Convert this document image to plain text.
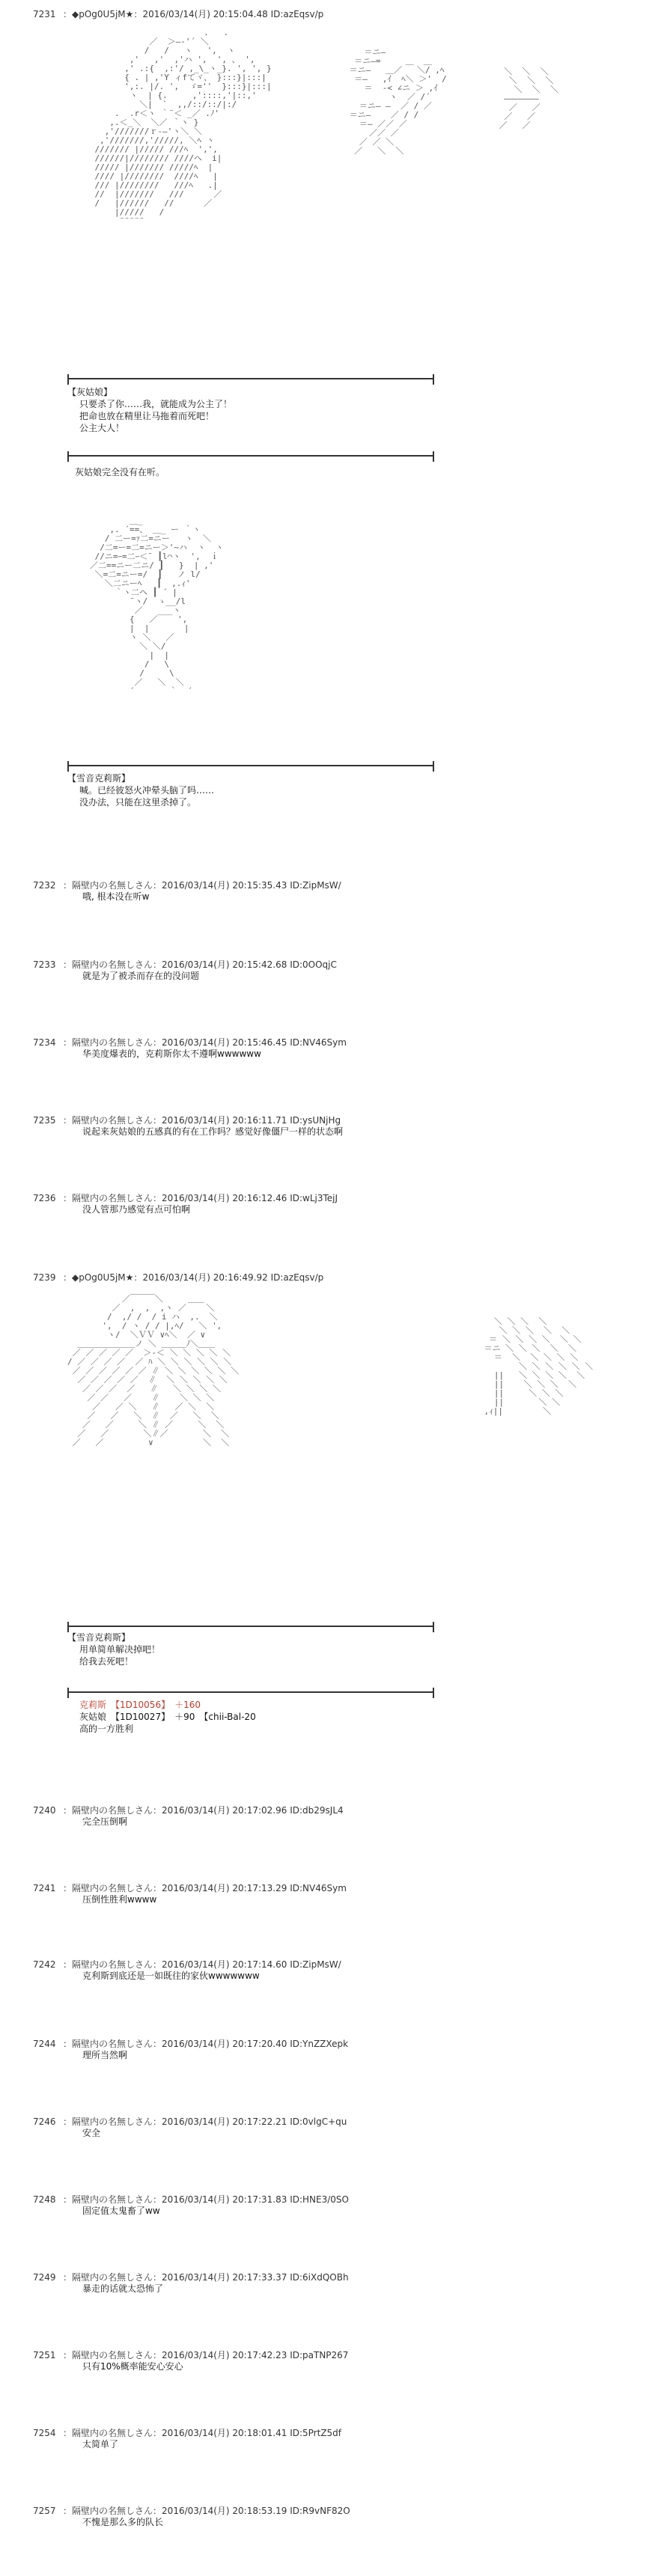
7231 ：◆pOg0U5jM★：2016/03/14(月) 20:15:04.48 ID:azEqsv/p
.   .
／  ＞―‐'´ ＼
/   /   ヽ   ',  ヽ
,'   ,'  ,'ハ ',  ', 、 ',
,' .:{  ,:'/ ,_\_ヽ_}. ', ', }
{ . | ,'Y ィfてヾ、 }:::}|:::|
',:. |/. ',  ゞ=''  }:::}|:::|
ヽ  | {.     ,'::::,'|::,'
＼|  `  ,,/::/::/|:/
.  .r＜ヽ ｀¨＜ _／ .ﾉ'
,.＜_＼  ＼／ ｀ヽ }
,'///////ｒ-―'ヽ＼ ＼
,'///////,'/////, ＼ﾍ ヽ
/////// |///// ///ﾍ  ',',
//////|//////// ////ヘ  i|
///// |/////// /////ﾍ  |
//// |////////  ////ﾍ   |
/// |////////   ///ﾍ   .|
//  |///////   ///      ／
/   |//////   //      ／
|/////   /
¨¨¨¨¨
＝ニ―
＝ニ―=     ＿  ＿
＝ニ―   ＿／   ＼/ ,ﾍ
＝―   ,ｲ  ﾍ＼ ＞'  /
＝  ‐< ∠ニ ＞ ,ｲ
ヽ  ／ /´
＝ニ― ―  ／ / ／
＝ニ―    ／ / /
＝― ／／ ／
／／ ／
／ ／ ＼
／   ＼  ＼
＼  ＼  ＼
＼  ＼  ＼
＼  ＼  ＼
―――――――
／   ／
／   ／
／   ／
【灰姑娘】
只要杀了你……我，就能成为公主了！
把命也放在精里让马拖着而死吧！
公主大人！
灰姑娘完全没有在听。
＿_
,. ´==、 ＿_ ー ｀ヽ
/ 二ー=ｧ二=ニー   ヽ  ＼
/二=ー=二=ニー＞'~ハ  ヽ  ヽ
//ニ=ｰ=二ｰ＜¨ ┃l⌒ヽ  ',  ｉ
／二==ニー二ニ/ ┃   }  | ,'
＼=二=ニー=/  ┃   ノ l/
＼二ニーﾍ   ┃  ,.ｨ'
｀ヽ二ヘ ┃ ´ |
¨ヽ/  ゝ__/l
／   ___ヽ
{   ／    ',
|  |       |
ヽ ＼   ／
＼ ＼/
|  |
/   \
/     \
／   ＼  ＼
´       ｀  ´
【雪音克莉斯】
喊。已经彼怒火冲晕头脑了吗……
没办法，只能在这里杀掉了。
7232 ：隔壁内の名無しさん：2016/03/14(月) 20:15:35.43 ID:ZipMsW/
哦, 根本没在听w
7233 ：隔壁内の名無しさん：2016/03/14(月) 20:15:42.68 ID:0OOqjC
就是为了被杀而存在的没问题
7234 ：隔壁内の名無しさん：2016/03/14(月) 20:15:46.45 ID:NV46Sym
华美度爆表的，克莉斯你太不遵啊wwwwww
7235 ：隔壁内の名無しさん：2016/03/14(月) 20:16:11.71 ID:ysUNjHg
说起来灰姑娘的五感真的有在工作吗？感觉好像僵尸一样的状态啊
7236 ：隔壁内の名無しさん：2016/03/14(月) 20:16:12.46 ID:wLj3TejJ
没人管那乃感觉有点可怕啊
7239 ：◆pOg0U5jM★：2016/03/14(月) 20:16:49.92 ID:azEqsv/p
／￣￣￣＼     ＿＿
／  ,  ,  ,ヽ ／    ＼
/  ,/ /  / i ハ  ,.  ＼
',  / ヽ / / |,ﾍ/   ＼ ',
ヽ/  ＼ＶＶ ∨ﾍ＼  ／ ∨
＿＿＿＿＿＿＿ノ ＼ ＿＿＿ﾉ＼＿＿
／ ／ ／ ／ ／  ＞‐＜ ＼ ＼ ＼ ＼ ＼
/ ／ ／ ／ ／  ／ ﾊ ＼ ＼ ＼ ＼ ＼ ＼
／ ／ ／ ／ ／ ／ ∥ ＼ ＼ ＼ ＼ ＼ ＼
／ ／ ／ ／ ／  ∥  ＼ ＼ ＼ ＼ ＼
／ ／ ／  ／   ∥   ＼ ＼ ＼ ＼
／ ／   ／    ∥    ＼ ＼ ＼
／   ／ ＼   ∥   ／ ＼  ＼
／   ／   ＼  ∥  ／   ＼  ＼
／   ／     ＼ ∥ ／     ＼  ＼
／   ／       ＼∥／       ＼  ＼
／   ／         ∨          ＼  ＼

＼ ＼ ＼  ＼
＼ ＼ ＼  ＼  ＼
＝ ＼ ＼ ＼ ＼  ＼ ＼
＝ニ ＼ ＼ ＼  ＼  ＼
＝  ＼  ＼ ＼ ＼ ＼
＼ ＼ ＼ ＼ ＼ ＼
||   ＼ ＼ ＼ ＼  ＼
||    ＼ ＼ ＼  ＼
||     ＼ ＼ ＼
||       ＼ ＼
,ｨ||        ＼

【雪音克莉斯】
用单简单解决掉吧！
给我去死吧！
克莉斯　 【1D10056】　 ＋160
灰姑娘　 【1D10027】　 ＋90　 【chii-Bal-20
高的一方胜利
7240 ：隔壁内の名無しさん：2016/03/14(月) 20:17:02.96 ID:db29sJL4
完全压倒啊
7241 ：隔壁内の名無しさん：2016/03/14(月) 20:17:13.29 ID:NV46Sym
压倒性胜利wwww
7242 ：隔壁内の名無しさん：2016/03/14(月) 20:17:14.60 ID:ZipMsW/
克利斯到底还是一如既往的家伙wwwwwww
7244 ：隔壁内の名無しさん：2016/03/14(月) 20:17:20.40 ID:YnZZXepk
理所当然啊
7246 ：隔壁内の名無しさん：2016/03/14(月) 20:17:22.21 ID:0vlgC+qu
安全
7248 ：隔壁内の名無しさん：2016/03/14(月) 20:17:31.83 ID:HNE3/0SO
固定值太鬼畜了ww
7249 ：隔壁内の名無しさん：2016/03/14(月) 20:17:33.37 ID:6iXdQOBh
暴走的话就太恐怖了
7251 ：隔壁内の名無しさん：2016/03/14(月) 20:17:42.23 ID:paTNP267
只有10%概率能安心安心
7254 ：隔壁内の名無しさん：2016/03/14(月) 20:18:01.41 ID:5PrtZ5df
太简单了
7257 ：隔壁内の名無しさん：2016/03/14(月) 20:18:53.19 ID:R9vNF82O
不愧是那么多的队长
